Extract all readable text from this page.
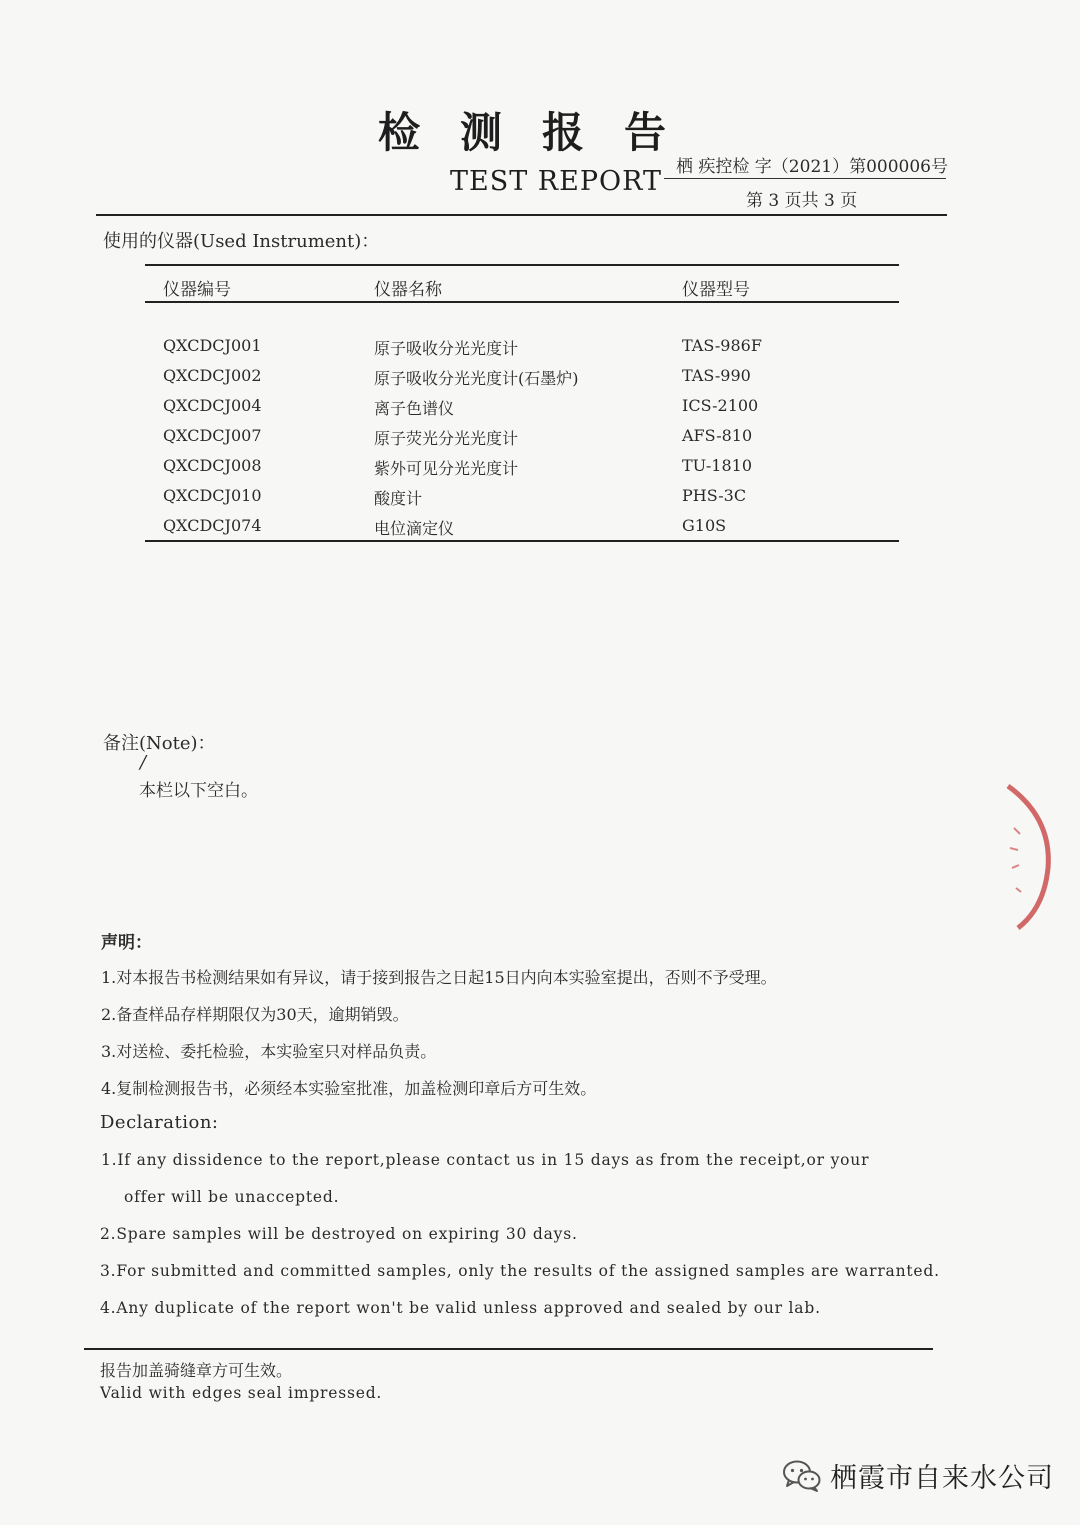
检测报告
TEST REPORT 栖 疾控检 字（2021）第000006号
第 3 页共 3 页
使用的仪器(Used Instrument)：
仪器编号	仪器名称	仪器型号
QXCDCJ001	原子吸收分光光度计	TAS-986F
QXCDCJ002	原子吸收分光光度计(石墨炉)	TAS-990
QXCDCJ004	离子色谱仪	ICS-2100
QXCDCJ007	原子荧光分光光度计	AFS-810
QXCDCJ008	紫外可见分光光度计	TU-1810
QXCDCJ010	酸度计	PHS-3C
QXCDCJ074	电位滴定仪	G10S
备注(Note)：
/
本栏以下空白。
声明：
1.对本报告书检测结果如有异议，请于接到报告之日起15日内向本实验室提出，否则不予受理。
2.备查样品存样期限仅为30天，逾期销毁。
3.对送检、委托检验，本实验室只对样品负责。
4.复制检测报告书，必须经本实验室批准，加盖检测印章后方可生效。
Declaration:
1.If any dissidence to the report,please contact us in 15 days as from the receipt,or your
offer will be unaccepted.
2.Spare samples will be destroyed on expiring 30 days.
3.For submitted and committed samples, only the results of the assigned samples are warranted.
4.Any duplicate of the report won't be valid unless approved and sealed by our lab.
报告加盖骑缝章方可生效。
Valid with edges seal impressed.
栖霞市自来水公司
